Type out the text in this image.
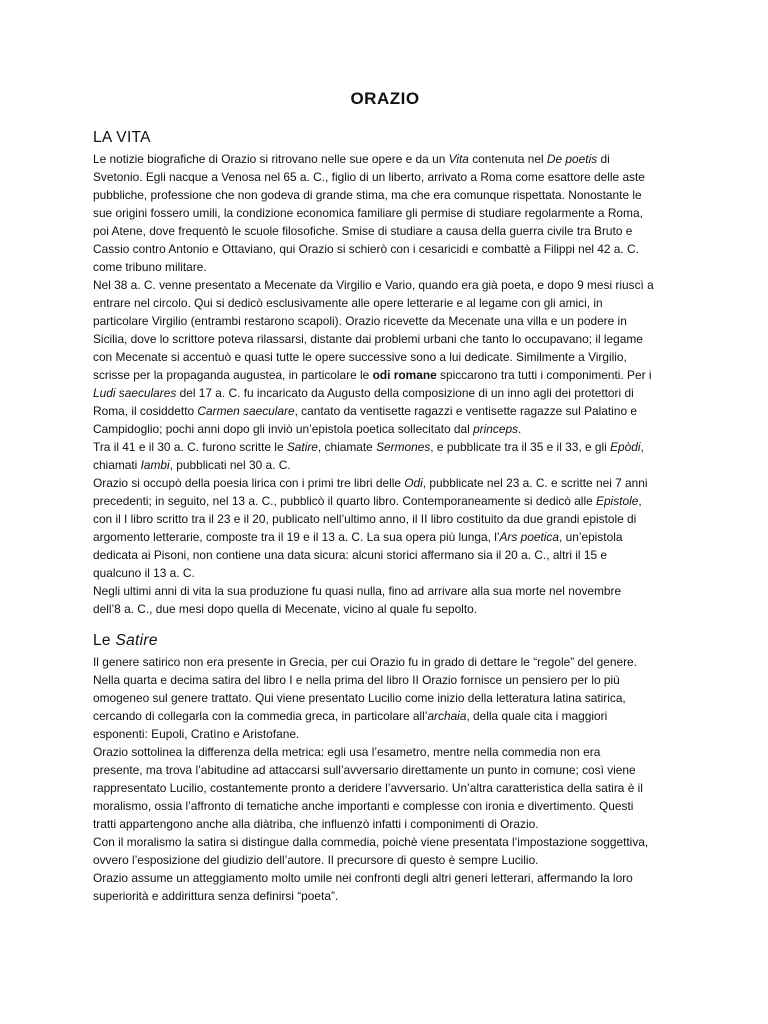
ORAZIO
LA VITA
Le notizie biografiche di Orazio si ritrovano nelle sue opere e da un Vita contenuta nel De poetis di
Svetonio. Egli nacque a Venosa nel 65 a. C., figlio di un liberto, arrivato a Roma come esattore delle aste
pubbliche, professione che non godeva di grande stima, ma che era comunque rispettata. Nonostante le
sue origini fossero umili, la condizione economica familiare gli permise di studiare regolarmente a Roma,
poi Atene, dove frequentò le scuole filosofiche. Smise di studiare a causa della guerra civile tra Bruto e
Cassio contro Antonio e Ottaviano, qui Orazio si schierò con i cesaricidi e combattè a Filippi nel 42 a. C.
come tribuno militare.
Nel 38 a. C. venne presentato a Mecenate da Virgilio e Vario, quando era già poeta, e dopo 9 mesi riuscì a
entrare nel circolo. Qui si dedicò esclusivamente alle opere letterarie e al legame con gli amici, in
particolare Virgilio (entrambi restarono scapoli). Orazio ricevette da Mecenate una villa e un podere in
Sicilia, dove lo scrittore poteva rilassarsi, distante dai problemi urbani che tanto lo occupavano; il legame
con Mecenate si accentuò e quasi tutte le opere successive sono a lui dedicate. Similmente a Virgilio,
scrisse per la propaganda augustea, in particolare le odi romane spiccarono tra tutti i componimenti. Per i
Ludi saeculares del 17 a. C. fu incaricato da Augusto della composizione di un inno agli dei protettori di
Roma, il cosiddetto Carmen saeculare, cantato da ventisette ragazzi e ventisette ragazze sul Palatino e
Campidoglio; pochi anni dopo gli inviò un’epistola poetica sollecitato dal princeps.
Tra il 41 e il 30 a. C. furono scritte le Satire, chiamate Sermones, e pubblicate tra il 35 e il 33, e gli Epòdi,
chiamati Iambi, pubblicati nel 30 a. C.
Orazio si occupò della poesia lirica con i primi tre libri delle Odi, pubblicate nel 23 a. C. e scritte nei 7 anni
precedenti; in seguito, nel 13 a. C., pubblicò il quarto libro. Contemporaneamente si dedicò alle Epistole,
con il I libro scritto tra il 23 e il 20, publicato nell’ultimo anno, il II libro costituito da due grandi epistole di
argomento letterarie, composte tra il 19 e il 13 a. C. La sua opera più lunga, l’Ars poetica, un’epistola
dedicata ai Pisoni, non contiene una data sicura: alcuni storici affermano sia il 20 a. C., altri il 15 e
qualcuno il 13 a. C.
Negli ultimi anni di vita la sua produzione fu quasi nulla, fino ad arrivare alla sua morte nel novembre
dell’8 a. C., due mesi dopo quella di Mecenate, vicino al quale fu sepolto.
Le Satire
Il genere satirico non era presente in Grecia, per cui Orazio fu in grado di dettare le “regole” del genere.
Nella quarta e decima satira del libro I e nella prima del libro II Orazio fornisce un pensiero per lo più
omogeneo sul genere trattato. Qui viene presentato Lucilio come inizio della letteratura latina satirica,
cercando di collegarla con la commedia greca, in particolare all’archaia, della quale cita i maggiori
esponenti: Eupoli, Cratìno e Aristofane.
Orazio sottolinea la differenza della metrica: egli usa l’esametro, mentre nella commedia non era
presente, ma trova l’abitudine ad attaccarsi sull’avversario direttamente un punto in comune; così viene
rappresentato Lucilio, costantemente pronto a deridere l’avversario. Un’altra caratteristica della satira è il
moralismo, ossia l’affronto di tematiche anche importanti e complesse con ironia e divertimento. Questi
tratti appartengono anche alla diàtriba, che influenzò infatti i componimenti di Orazio.
Con il moralismo la satira si distingue dalla commedia, poichè viene presentata l’impostazione soggettiva,
ovvero l’esposizione del giudizio dell’autore. Il precursore di questo è sempre Lucilio.
Orazio assume un atteggiamento molto umile nei confronti degli altri generi letterari, affermando la loro
superiorità e addirittura senza definirsi “poeta”.
